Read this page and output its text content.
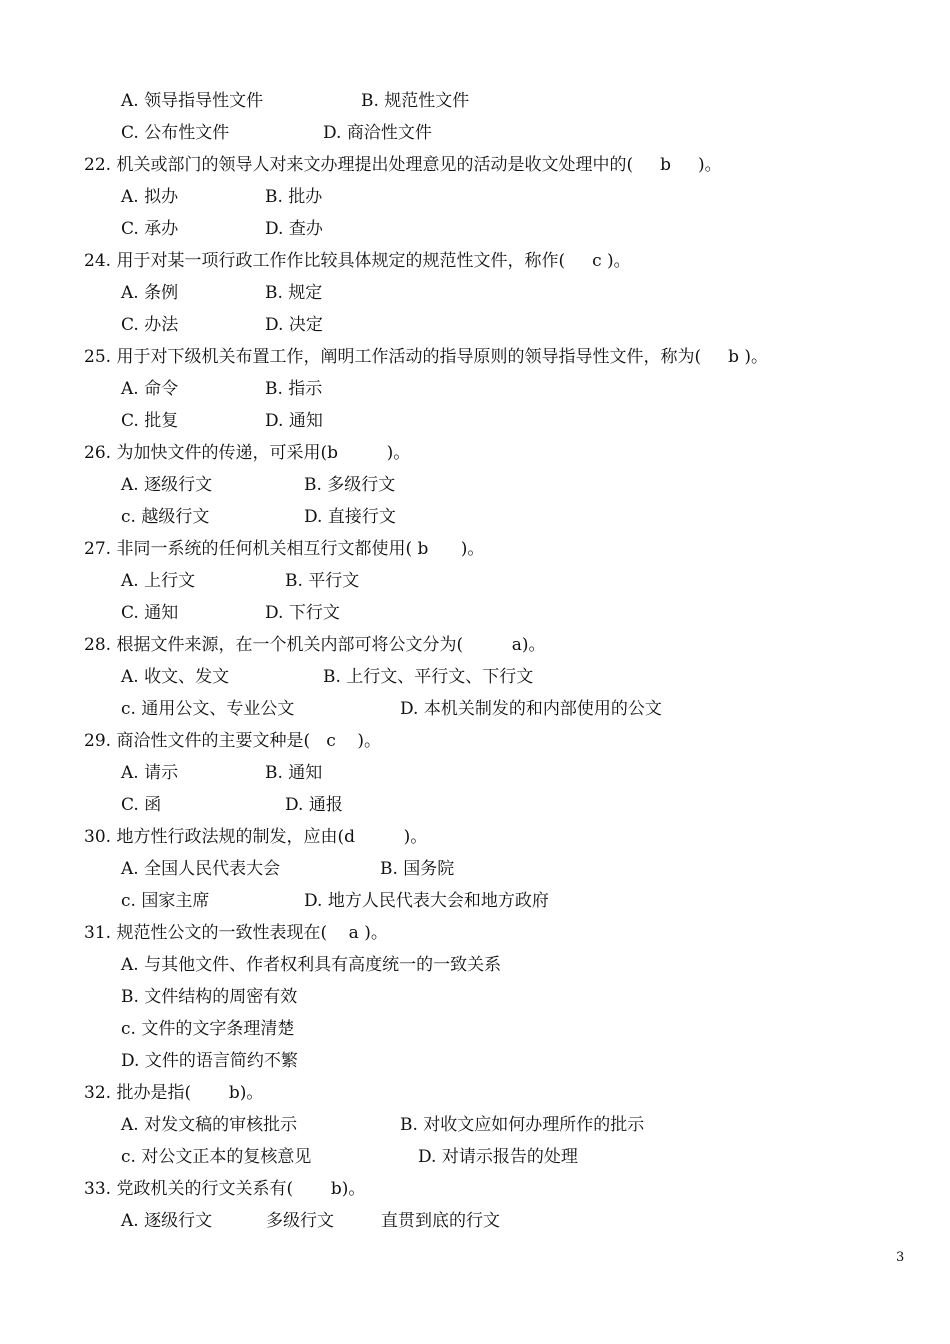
3
A. 领导指导性文件	B. 规范性文件
C. 公布性文件	D. 商洽性文件
22. 机关或部门的领导人对来文办理提出处理意见的活动是收文处理中的(     b     )。
A. 拟办	B. 批办
C. 承办	D. 查办
24. 用于对某一项行政工作作比较具体规定的规范性文件，称作(     c )。
A. 条例	B. 规定
C. 办法	D. 决定
25. 用于对下级机关布置工作，阐明工作活动的指导原则的领导指导性文件，称为(     b )。
A. 命令	B. 指示
C. 批复	D. 通知
26. 为加快文件的传递，可采用(b         )。
A. 逐级行文	B. 多级行文
c. 越级行文	D. 直接行文
27. 非同一系统的任何机关相互行文都使用( b      )。
A. 上行文	B. 平行文
C. 通知	D. 下行文
28. 根据文件来源，在一个机关内部可将公文分为(         a)。
A. 收文、发文	B. 上行文、平行文、下行文
c. 通用公文、专业公文	D. 本机关制发的和内部使用的公文
29. 商洽性文件的主要文种是(   c    )。
A. 请示	B. 通知
C. 函	D. 通报
30. 地方性行政法规的制发，应由(d         )。
A. 全国人民代表大会	B. 国务院
c. 国家主席	D. 地方人民代表大会和地方政府
31. 规范性公文的一致性表现在(    a )。
A. 与其他文件、作者权利具有高度统一的一致关系
B. 文件结构的周密有效
c. 文件的文字条理清楚
D. 文件的语言简约不繁
32. 批办是指(       b)。
A. 对发文稿的审核批示	B. 对收文应如何办理所作的批示
c. 对公文正本的复核意见	D. 对请示报告的处理
33. 党政机关的行文关系有(       b)。
A. 逐级行文	多级行文	直贯到底的行文
